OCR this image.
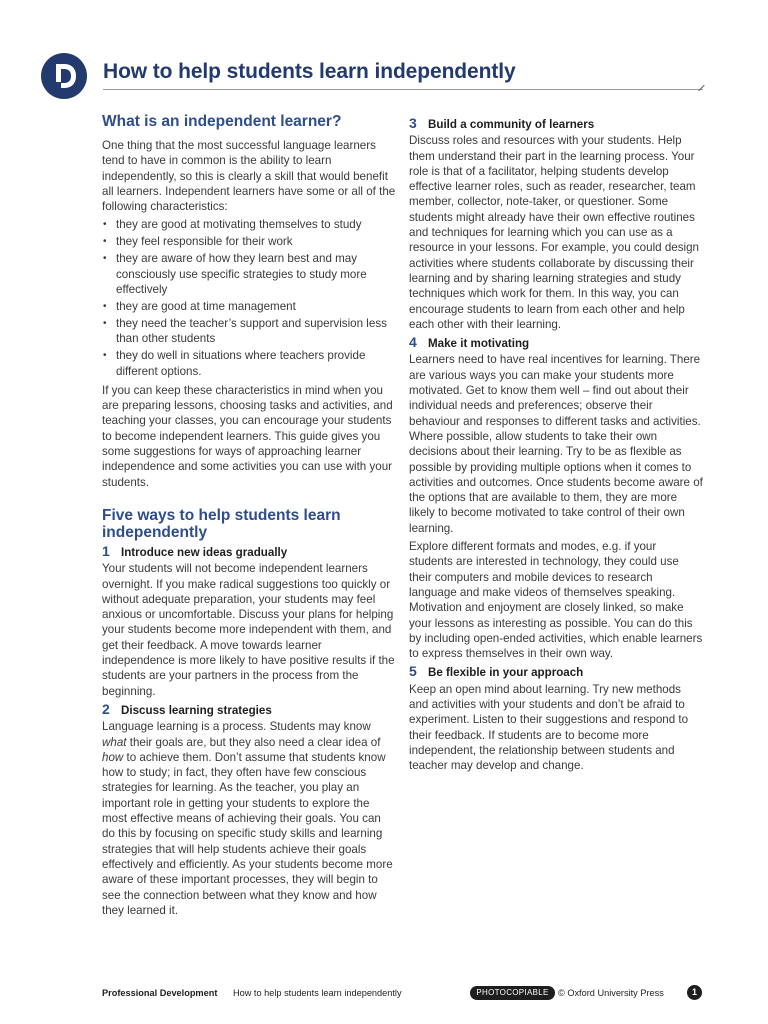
How to help students learn independently
What is an independent learner?

One thing that the most successful language learners tend to have in common is the ability to learn independently, so this is clearly a skill that would benefit all learners. Independent learners have some or all of the following characteristics:

• they are good at motivating themselves to study
• they feel responsible for their work
• they are aware of how they learn best and may consciously use specific strategies to study more effectively
• they are good at time management
• they need the teacher’s support and supervision less than other students
• they do well in situations where teachers provide different options.

If you can keep these characteristics in mind when you are preparing lessons, choosing tasks and activities, and teaching your classes, you can encourage your students to become independent learners. This guide gives you some suggestions for ways of approaching learner independence and some activities you can use with your students.

Five ways to help students learn independently
1 Introduce new ideas gradually

Your students will not become independent learners overnight. If you make radical suggestions too quickly or without adequate preparation, your students may feel anxious or uncomfortable. Discuss your plans for helping your students become more independent with them, and get their feedback. A move towards learner independence is more likely to have positive results if the students are your partners in the process from the beginning.

2 Discuss learning strategies

Language learning is a process. Students may know what their goals are, but they also need a clear idea of how to achieve them. Don’t assume that students know how to study; in fact, they often have few conscious strategies for learning. As the teacher, you play an important role in getting your students to explore the most effective means of achieving their goals. You can do this by focusing on specific study skills and learning strategies that will help students achieve their goals effectively and efficiently. As your students become more aware of these important processes, they will begin to see the connection between what they know and how they learned it.

3 Build a community of learners

Discuss roles and resources with your students. Help them understand their part in the learning process. Your role is that of a facilitator, helping students develop effective learner roles, such as reader, researcher, team member, collector, note-taker, or questioner. Some students might already have their own effective routines and techniques for learning which you can use as a resource in your lessons. For example, you could design activities where students collaborate by discussing their learning and by sharing learning strategies and study techniques which work for them. In this way, you can encourage students to learn from each other and help each other with their learning.

4 Make it motivating

Learners need to have real incentives for learning. There are various ways you can make your students more motivated. Get to know them well – find out about their individual needs and preferences; observe their behaviour and responses to different tasks and activities. Where possible, allow students to take their own decisions about their learning. Try to be as flexible as possible by providing multiple options when it comes to activities and outcomes. Once students become aware of the options that are available to them, they are more likely to become motivated to take control of their own learning.

Explore different formats and modes, e.g. if your students are interested in technology, they could use their computers and mobile devices to research language and make videos of themselves speaking. Motivation and enjoyment are closely linked, so make your lessons as interesting as possible. You can do this by including open-ended activities, which enable learners to express themselves in their own way.

5 Be flexible in your approach

Keep an open mind about learning. Try new methods and activities with your students and don’t be afraid to experiment. Listen to their suggestions and respond to their feedback. If students are to become more independent, the relationship between students and teacher may develop and change.

Professional Development How to help students learn independently	PHOTOCOPIABLE	© Oxford University Press	1
